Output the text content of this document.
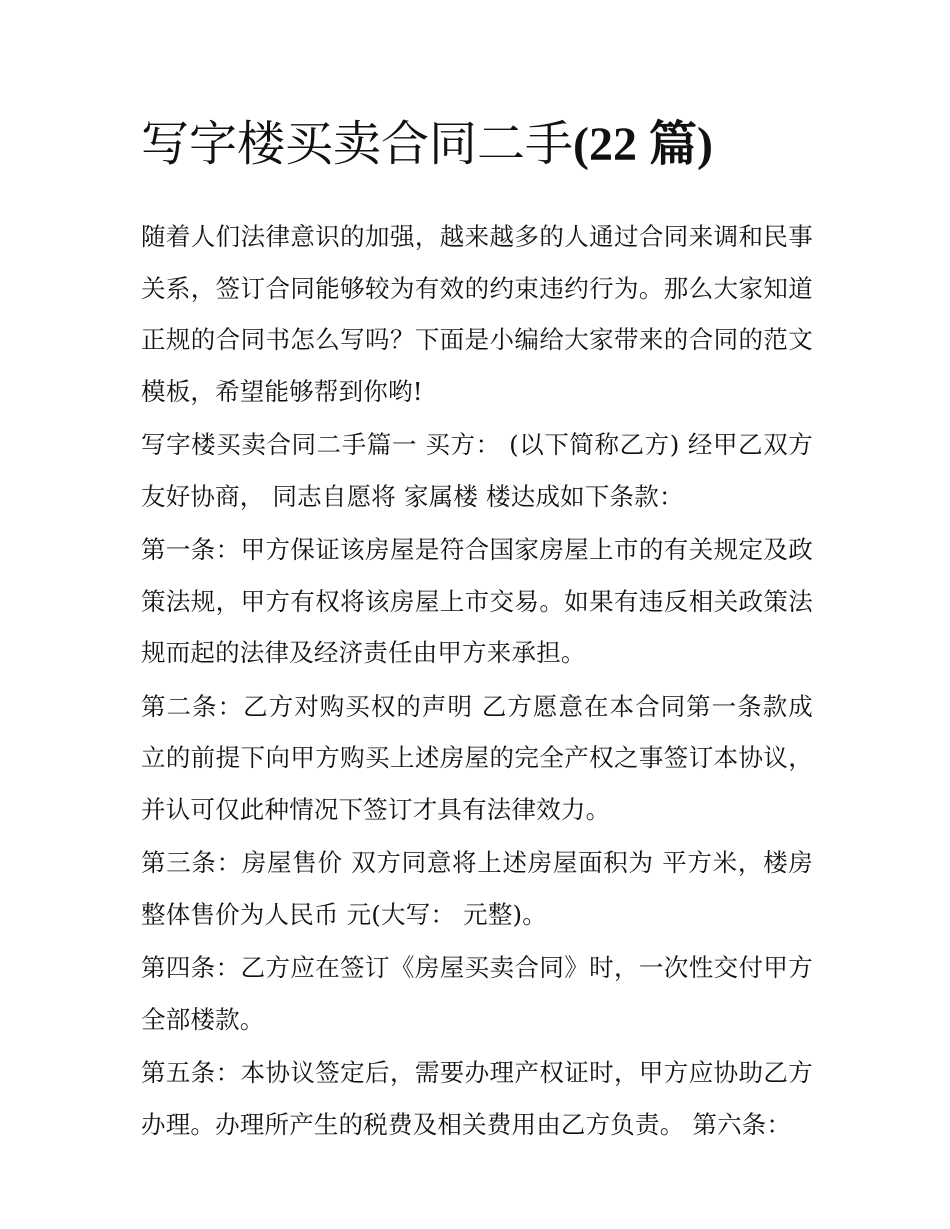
写字楼买卖合同二手(22 篇)

随着人们法律意识的加强，越来越多的人通过合同来调和民事关系，签订合同能够较为有效的约束违约行为。那么大家知道正规的合同书怎么写吗？下面是小编给大家带来的合同的范文模板，希望能够帮到你哟!

写字楼买卖合同二手篇一 买方： (以下简称乙方) 经甲乙双方友好协商， 同志自愿将 家属楼 楼达成如下条款：

第一条：甲方保证该房屋是符合国家房屋上市的有关规定及政策法规，甲方有权将该房屋上市交易。如果有违反相关政策法规而起的法律及经济责任由甲方来承担。

第二条：乙方对购买权的声明 乙方愿意在本合同第一条款成立的前提下向甲方购买上述房屋的完全产权之事签订本协议，并认可仅此种情况下签订才具有法律效力。

第三条：房屋售价 双方同意将上述房屋面积为 平方米，楼房整体售价为人民币 元(大写： 元整)。

第四条：乙方应在签订《房屋买卖合同》时，一次性交付甲方全部楼款。

第五条：本协议签定后，需要办理产权证时，甲方应协助乙方办理。办理所产生的税费及相关费用由乙方负责。 第六条：
